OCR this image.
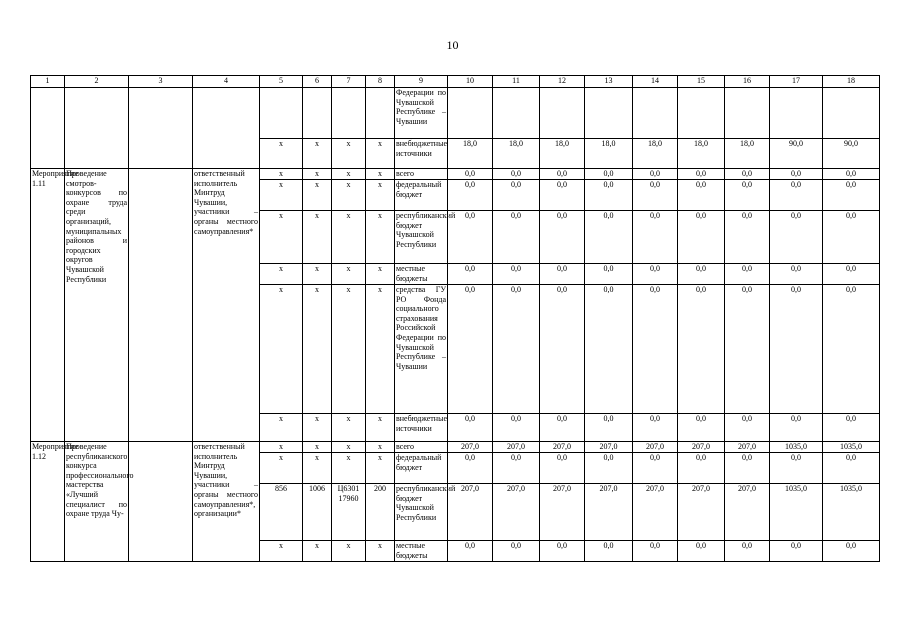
10
1	2	3	4	5	6	7	8	9	10	11	12	13	14	15	16	17	18
								Федерации по Чувашской Республике – Чувашии									
				x	x	x	x	внебюджетные источники	18,0	18,0	18,0	18,0	18,0	18,0	18,0	90,0	90,0
Мероприятие 1.11	Проведение смотров-конкурсов по охране труда среди организаций, муниципальных районов и городских округов Чувашской Республики		ответственный исполнитель Минтруд Чувашии, участники – органы местного самоуправления*	x	x	x	x	всего	0,0	0,0	0,0	0,0	0,0	0,0	0,0	0,0	0,0
				x	x	x	x	федеральный бюджет	0,0	0,0	0,0	0,0	0,0	0,0	0,0	0,0	0,0
				x	x	x	x	республиканский бюджет Чувашской Республики	0,0	0,0	0,0	0,0	0,0	0,0	0,0	0,0	0,0
				x	x	x	x	местные бюджеты	0,0	0,0	0,0	0,0	0,0	0,0	0,0	0,0	0,0
				x	x	x	x	средства ГУ РО Фонда социального страхования Российской Федерации по Чувашской Республике – Чувашии	0,0	0,0	0,0	0,0	0,0	0,0	0,0	0,0	0,0
				x	x	x	x	внебюджетные источники	0,0	0,0	0,0	0,0	0,0	0,0	0,0	0,0	0,0
Мероприятие 1.12	Проведение республиканского конкурса профессионального мастерства «Лучший специалист по охране труда Чу-		ответственный исполнитель Минтруд Чувашии, участники – органы местного самоуправления*, организации*	x	x	x	x	всего	207,0	207,0	207,0	207,0	207,0	207,0	207,0	1035,0	1035,0
				x	x	x	x	федеральный бюджет	0,0	0,0	0,0	0,0	0,0	0,0	0,0	0,0	0,0
				856	1006	Ц6301 17960	200	республиканский бюджет Чувашской Республики	207,0	207,0	207,0	207,0	207,0	207,0	207,0	1035,0	1035,0
				x	x	x	x	местные бюджеты	0,0	0,0	0,0	0,0	0,0	0,0	0,0	0,0	0,0
